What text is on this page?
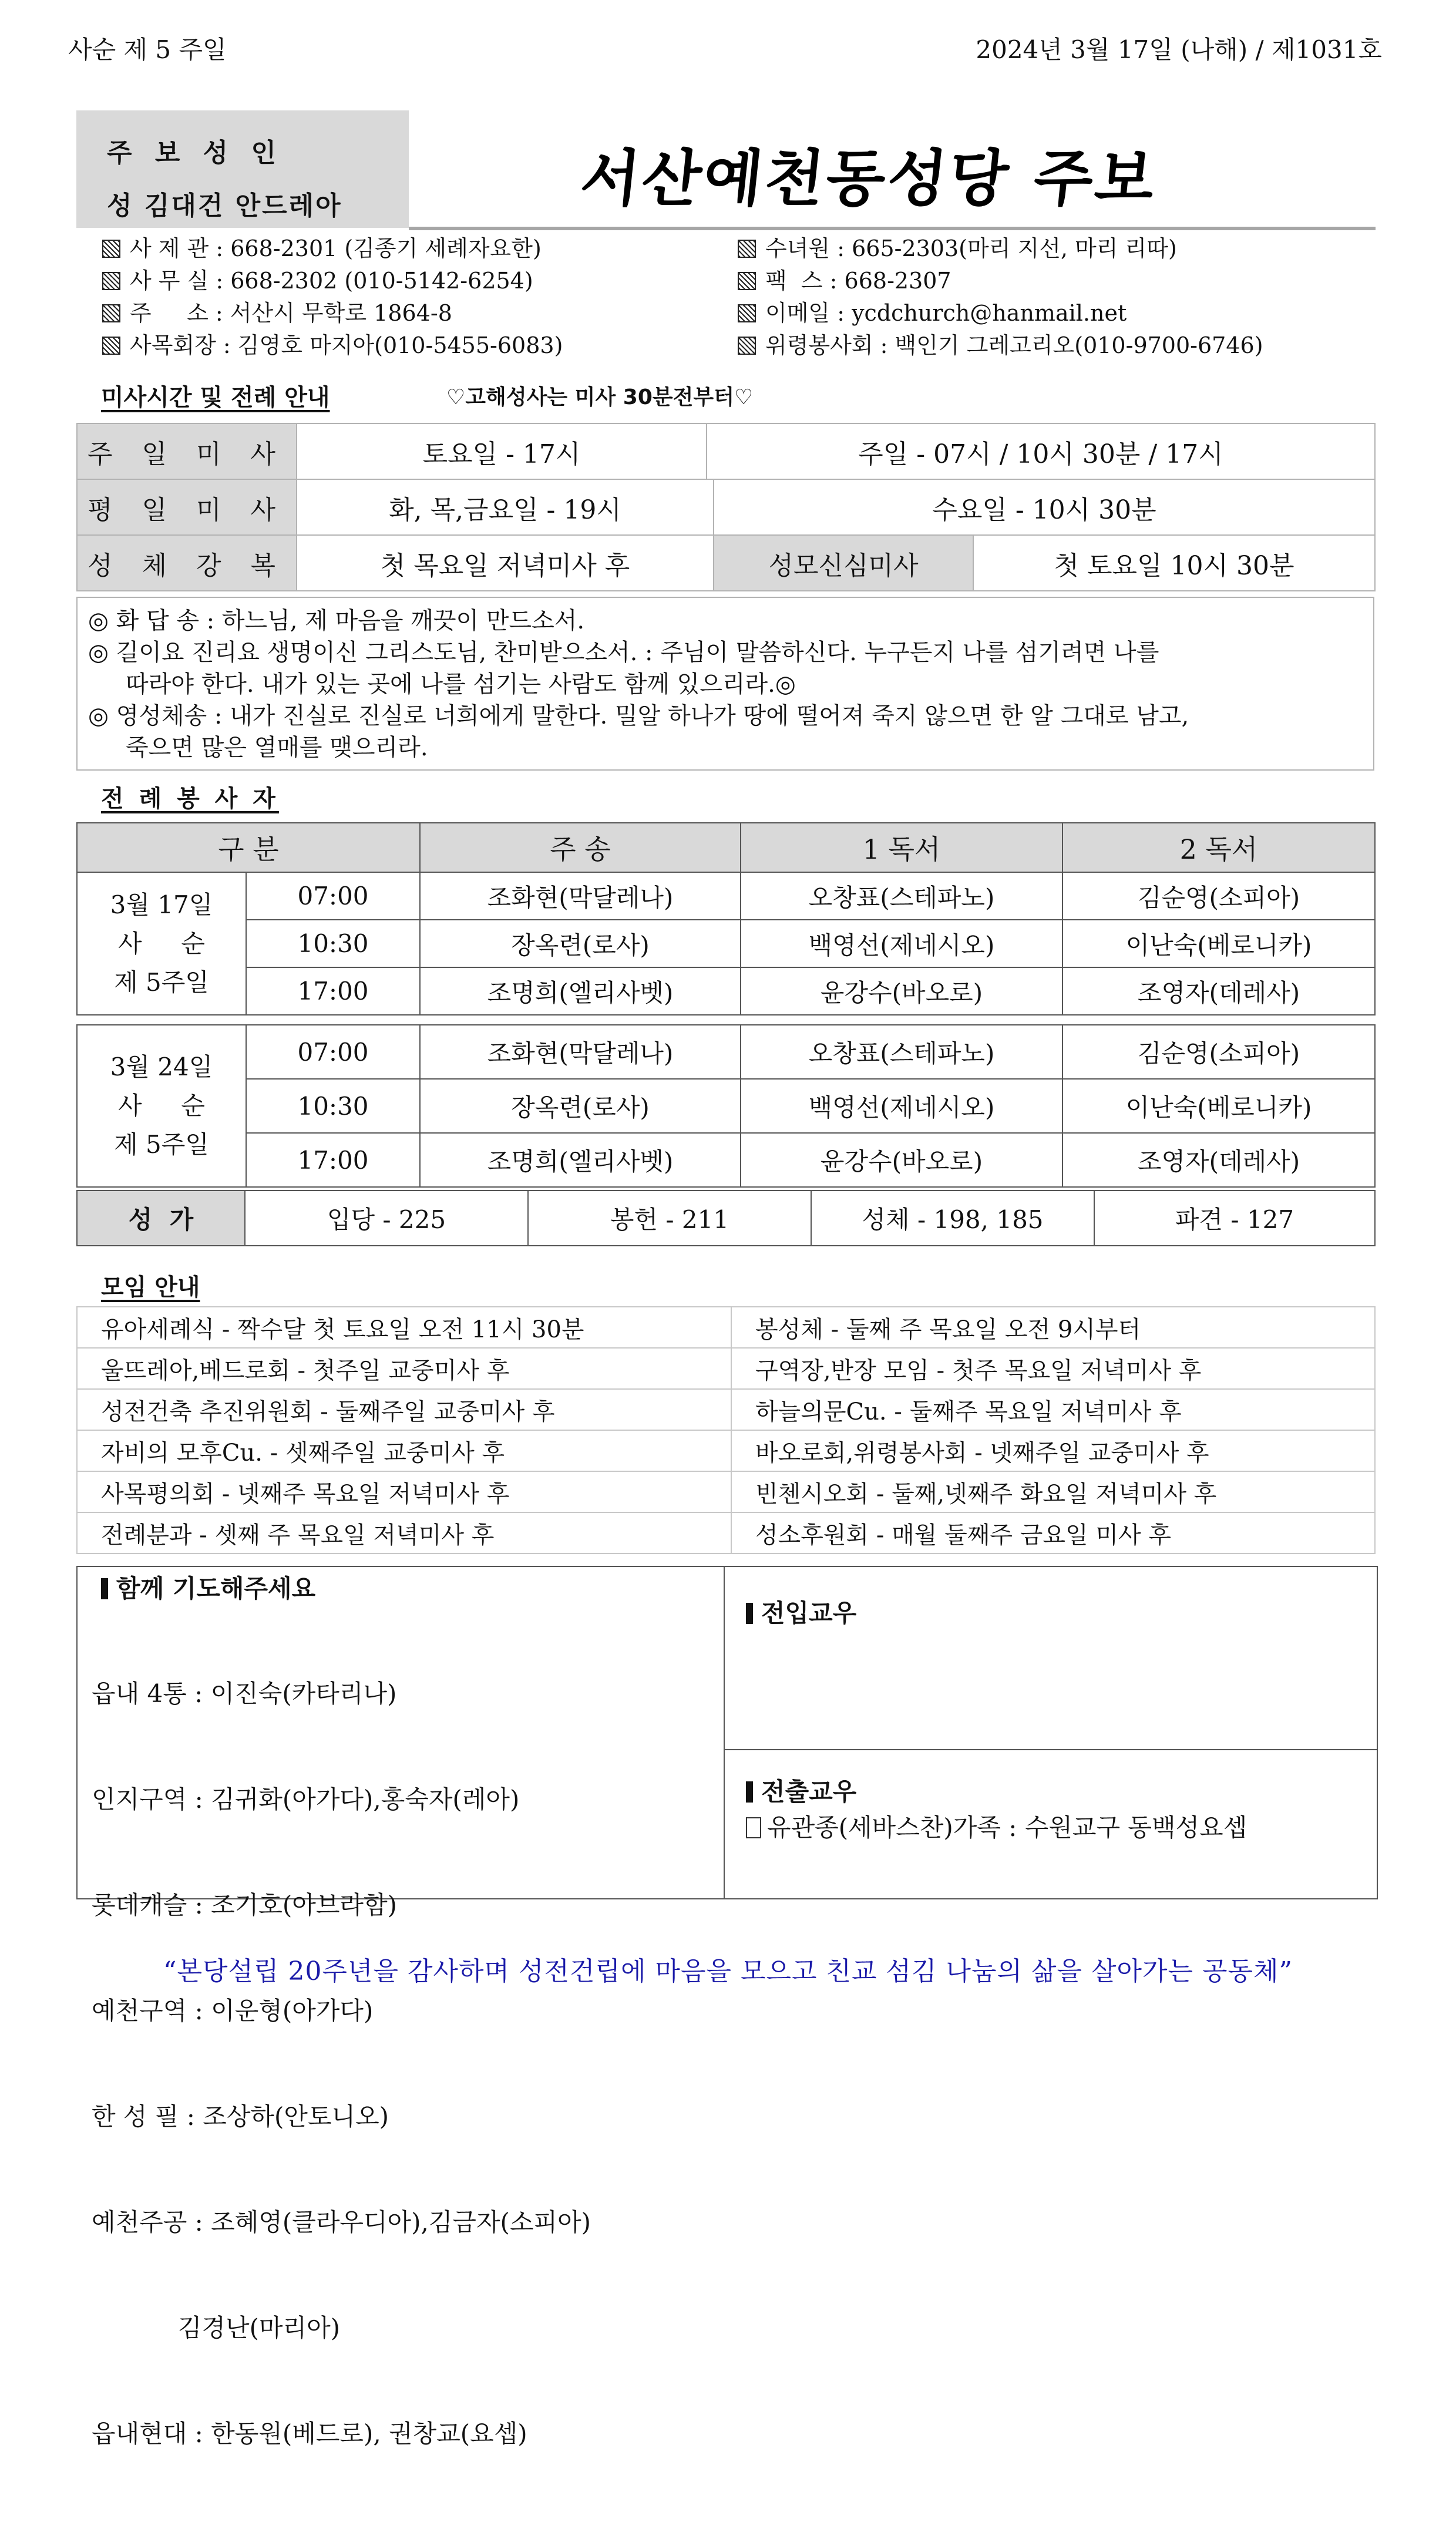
사순 제 5 주일	2024년 3월 17일 (나해) / 제1031호
주 보 성 인
성 김대건 안드레아	서산예천동성당 주보
사 제 관 : 668-2301 (김종기 세례자요한)
사 무 실 : 668-2302 (010-5142-6254)
주     소 : 서산시 무학로 1864-8
사목회장 : 김영호 마지아(010-5455-6083)
수녀원 : 665-2303(마리 지선, 마리 리따)
팩  스 : 668-2307
이메일 : ycdchurch@hanmail.net
위령봉사회 : 백인기 그레고리오(010-9700-6746)
미사시간 및 전례 안내	♡고해성사는 미사 30분전부터♡
주 일 미 사	토요일 - 17시	주일 - 07시 / 10시 30분 / 17시		
평 일 미 사	화, 목,금요일 - 19시		수요일 - 10시 30분	
성 체 강 복	첫 목요일 저녁미사 후		성모신심미사	첫 토요일 10시 30분
◎ 화 답 송 : 하느님, 제 마음을 깨끗이 만드소서.
◎ 길이요 진리요 생명이신 그리스도님, 찬미받으소서. : 주님이 말씀하신다. 누구든지 나를 섬기려면 나를
따라야 한다. 내가 있는 곳에 나를 섬기는 사람도 함께 있으리라.◎
◎ 영성체송 : 내가 진실로 진실로 너희에게 말한다. 밀알 하나가 땅에 떨어져 죽지 않으면 한 알 그대로 남고,
죽으면 많은 열매를 맺으리라.
전 례 봉 사 자
구 분		주 송	1 독서	2 독서

3월 17일
사     순
제 5주일	07:00	조화현(막달레나)	오창표(스테파노)	김순영(소피아)
	10:30	장옥련(로사)	백영선(제네시오)	이난숙(베로니카)
	17:00	조명희(엘리사벳)	윤강수(바오로)	조영자(데레사)
3월 24일
사     순
제 5주일	07:00	조화현(막달레나)	오창표(스테파노)	김순영(소피아)
	10:30	장옥련(로사)	백영선(제네시오)	이난숙(베로니카)
	17:00	조명희(엘리사벳)	윤강수(바오로)	조영자(데레사)
성  가	입당 - 225	봉헌 - 211	성체 - 198, 185	파견 - 127
모임 안내
유아세례식 - 짝수달 첫 토요일 오전 11시 30분	봉성체 - 둘째 주 목요일 오전 9시부터
울뜨레아,베드로회 - 첫주일 교중미사 후	구역장,반장 모임 - 첫주 목요일 저녁미사 후
성전건축 추진위원회 - 둘째주일 교중미사 후	하늘의문Cu. - 둘째주 목요일 저녁미사 후
자비의 모후Cu. - 셋째주일 교중미사 후	바오로회,위령봉사회 - 넷째주일 교중미사 후
사목평의회 - 넷째주 목요일 저녁미사 후	빈첸시오회 - 둘째,넷째주 화요일 저녁미사 후
전례분과 - 셋째 주 목요일 저녁미사 후	성소후원회 - 매월 둘째주 금요일 미사 후
함께 기도해주세요

읍내 4통 : 이진숙(카타리나)

인지구역 : 김귀화(아가다),홍숙자(레아)

롯데캐슬 : 조기호(아브라함)

예천구역 : 이운형(아가다)

한 성 필 : 조상하(안토니오)

예천주공 : 조혜영(클라우디아),김금자(소피아)

김경난(마리아)

읍내현대 : 한동원(베드로), 권창교(요셉)

전입교우
전출교우
유관종(세바스찬)가족 : 수원교구 동백성요셉
“본당설립 20주년을 감사하며 성전건립에 마음을 모으고 친교 섬김 나눔의 삶을 살아가는 공동체”
